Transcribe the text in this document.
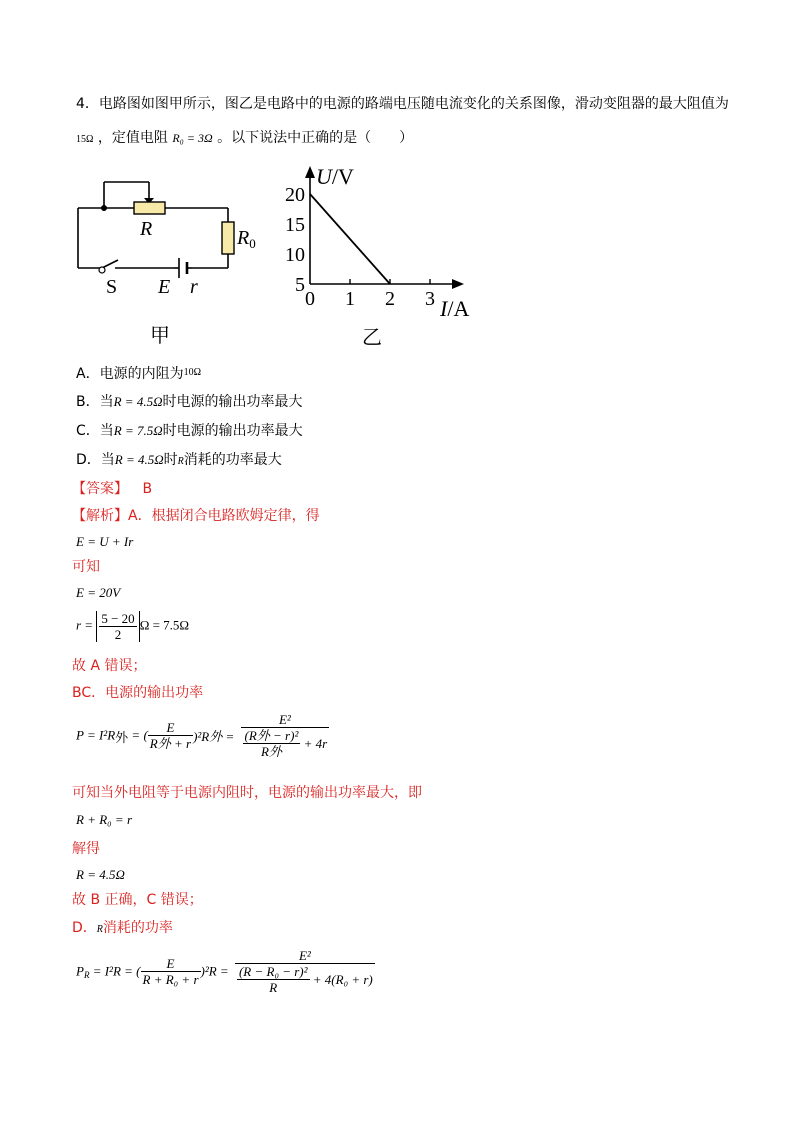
4．电路图如图甲所示，图乙是电路中的电源的路端电压随电流变化的关系图像，滑动变阻器的最大阻值为
15Ω ，定值电阻 R₀ = 3Ω 。以下说法中正确的是（　　）
R	$R_0$
S E r
甲
20
15
10
5
0 1 2 3
U/V
I/A
乙
A．电源的内阻为$^{10\Omega}$
B．当R = 4.5Ω时电源的输出功率最大
C．当R = 7.5Ω时电源的输出功率最大
D．当R = 4.5Ω时R消耗的功率最大
【答案】 B
【解析】A．根据闭合电路欧姆定律，得
E = U + Ir
可知
E = 20V
$r = \frac{5 - 20}{2}$ Ω = 7.5Ω
故 A 错误；
BC．电源的输出功率
$P = I^2R_外$ = ( $\frac{E}{\text{R外 + r}} )^2R$外 = $\frac{\text{E²}}{\frac{\text{(R外 − r)²}}{\text{R外}} + 4r}$
可知当外电阻等于电源内阻时，电源的输出功率最大，即
R + R₀ = r
解得
R = 4.5Ω
故 B 正确，C 错误；
D．R消耗的功率
$P_R = I^2R$ = ( $\frac{E}{\text{R + R₀ + r}} )^2R = \frac{\text{E²}}{\frac{\text{(R − R₀ − r)²}}{R} + 4(R_0 + r)}$
